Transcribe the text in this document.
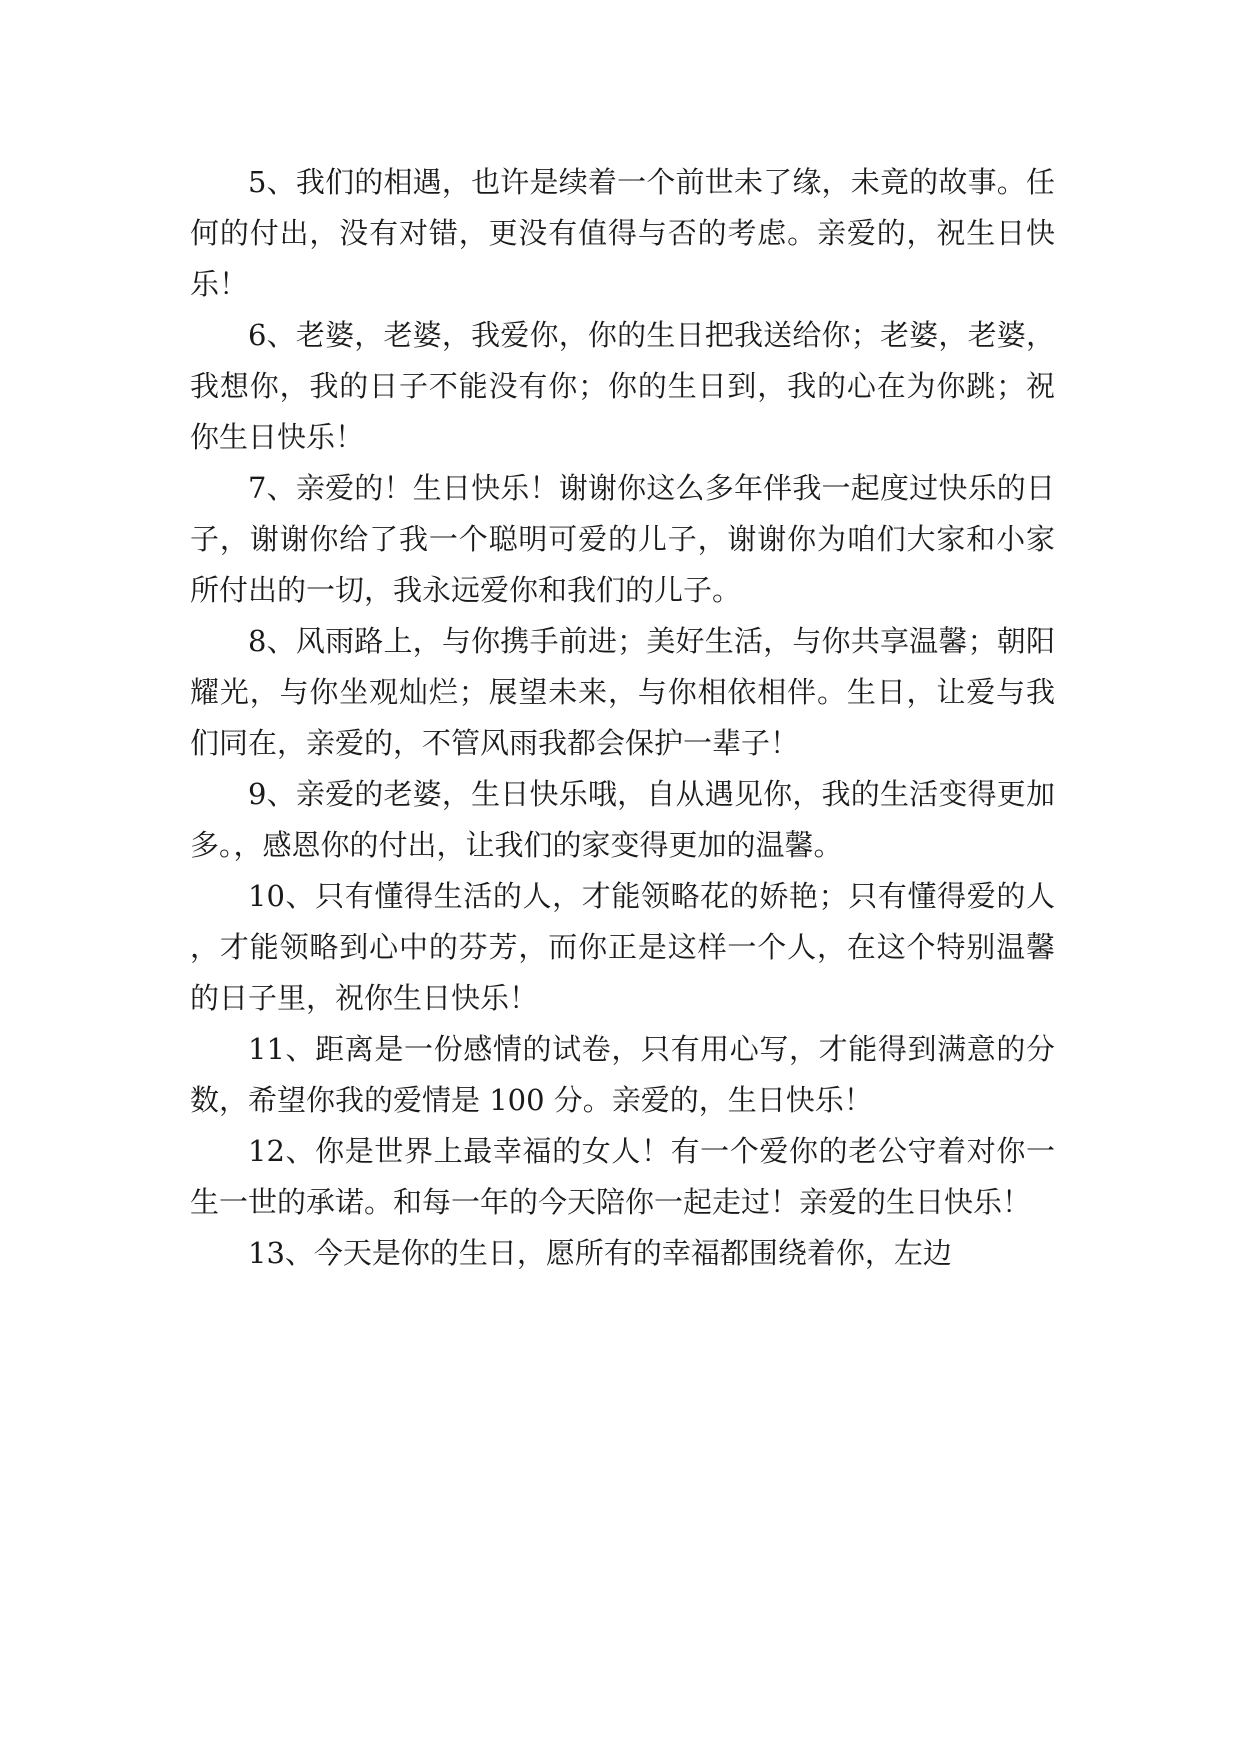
5、我们的相遇，也许是续着一个前世未了缘，未竟的故事。任何的付出，没有对错，更没有值得与否的考虑。亲爱的，祝生日快乐！

6、老婆，老婆，我爱你，你的生日把我送给你；老婆，老婆，我想你，我的日子不能没有你；你的生日到，我的心在为你跳；祝你生日快乐！

7、亲爱的！生日快乐！谢谢你这么多年伴我一起度过快乐的日子，谢谢你给了我一个聪明可爱的儿子，谢谢你为咱们大家和小家所付出的一切，我永远爱你和我们的儿子。

8、风雨路上，与你携手前进；美好生活，与你共享温馨；朝阳耀光，与你坐观灿烂；展望未来，与你相依相伴。生日，让爱与我们同在，亲爱的，不管风雨我都会保护一辈子！

9、亲爱的老婆，生日快乐哦，自从遇见你，我的生活变得更加多。，感恩你的付出，让我们的家变得更加的温馨。

10、只有懂得生活的人，才能领略花的娇艳；只有懂得爱的人，才能领略到心中的芬芳，而你正是这样一个人，在这个特别温馨的日子里，祝你生日快乐！

11、距离是一份感情的试卷，只有用心写，才能得到满意的分数，希望你我的爱情是 100 分。亲爱的，生日快乐！

12、你是世界上最幸福的女人！有一个爱你的老公守着对你一生一世的承诺。和每一年的今天陪你一起走过！亲爱的生日快乐！

13、今天是你的生日，愿所有的幸福都围绕着你，左边
